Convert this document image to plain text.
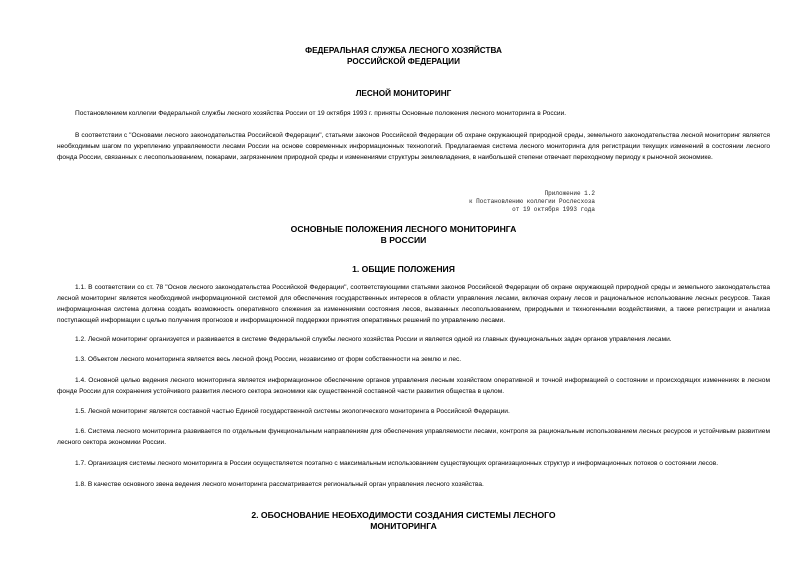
ФЕДЕРАЛЬНАЯ СЛУЖБА ЛЕСНОГО ХОЗЯЙСТВА

РОССИЙСКОЙ ФЕДЕРАЦИИ

ЛЕСНОЙ МОНИТОРИНГ

Постановлением коллегии Федеральной службы лесного хозяйства России от 19 октября 1993 г. приняты Основные положения лесного мониторинга в России.

В соответствии с "Основами лесного законодательства Российской Федерации", статьями законов Российской Федерации об охране окружающей природной среды, земельного законодательства лесной мониторинг является необходимым шагом по укреплению управляемости лесами России на основе современных информационных технологий. Предлагаемая система лесного мониторинга для регистрации текущих изменений в состоянии лесного фонда России, связанных с лесопользованием, пожарами, загрязнением природной среды и изменениями структуры землевладения, в наибольшей степени отвечает переходному периоду к рыночной экономике.

Приложение 1.2

к Постановлению коллегии Рослесхоза

от 19 октября 1993 года

ОСНОВНЫЕ ПОЛОЖЕНИЯ ЛЕСНОГО МОНИТОРИНГА

В РОССИИ

1. ОБЩИЕ ПОЛОЖЕНИЯ

1.1. В соответствии со ст. 78 "Основ лесного законодательства Российской Федерации", соответствующими статьями законов Российской Федерации об охране окружающей природной среды и земельного законодательства лесной мониторинг является необходимой информационной системой для обеспечения государственных интересов в области управления лесами, включая охрану лесов и рациональное использование лесных ресурсов. Такая информационная система должна создать возможность оперативного слежения за изменениями состояния лесов, вызванных лесопользованием, природными и техногенными воздействиями, а также регистрации и анализа поступающей информации с целью получения прогнозов и информационной поддержки принятия оперативных решений по управлению лесами.

1.2. Лесной мониторинг организуется и развивается в системе Федеральной службы лесного хозяйства России и является одной из главных функциональных задач органов управления лесами.

1.3. Объектом лесного мониторинга является весь лесной фонд России, независимо от форм собственности на землю и лес.

1.4. Основной целью ведения лесного мониторинга является информационное обеспечение органов управления лесным хозяйством оперативной и точной информацией о состоянии и происходящих изменениях в лесном фонде России для сохранения устойчивого развития лесного сектора экономики как существенной составной части развития общества в целом.

1.5. Лесной мониторинг является составной частью Единой государственной системы экологического мониторинга в Российской Федерации.

1.6. Система лесного мониторинга развивается по отдельным функциональным направлениям для обеспечения управляемости лесами, контроля за рациональным использованием лесных ресурсов и устойчивым развитием лесного сектора экономики России.

1.7. Организация системы лесного мониторинга в России осуществляется поэтапно с максимальным использованием существующих организационных структур и информационных потоков о состоянии лесов.

1.8. В качестве основного звена ведения лесного мониторинга рассматривается региональный орган управления лесного хозяйства.

2. ОБОСНОВАНИЕ НЕОБХОДИМОСТИ СОЗДАНИЯ СИСТЕМЫ ЛЕСНОГО

МОНИТОРИНГА
